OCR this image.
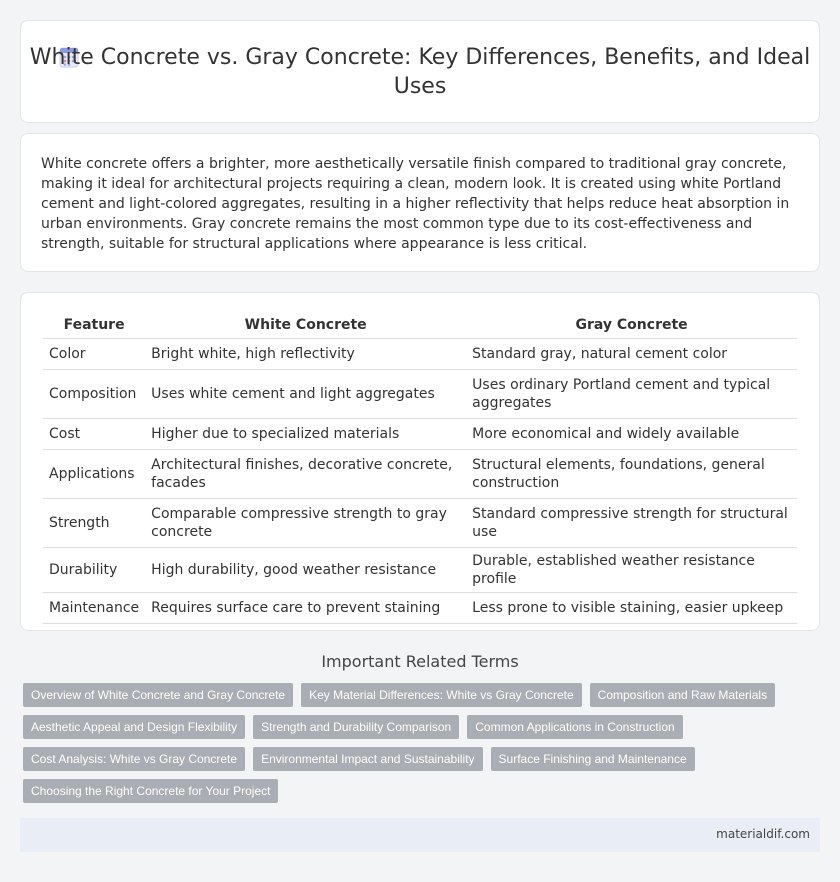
White Concrete vs. Gray Concrete: Key Differences, Benefits, and Ideal Uses

White concrete offers a brighter, more aesthetically versatile finish compared to traditional gray concrete, making it ideal for architectural projects requiring a clean, modern look. It is created using white Portland cement and light-colored aggregates, resulting in a higher reflectivity that helps reduce heat absorption in urban environments. Gray concrete remains the most common type due to its cost-effectiveness and strength, suitable for structural applications where appearance is less critical.

Feature	White Concrete	Gray Concrete
Color	Bright white, high reflectivity	Standard gray, natural cement color
Composition	Uses white cement and light aggregates	Uses ordinary Portland cement and typical aggregates
Cost	Higher due to specialized materials	More economical and widely available
Applications	Architectural finishes, decorative concrete, facades	Structural elements, foundations, general construction
Strength	Comparable compressive strength to gray concrete	Standard compressive strength for structural use
Durability	High durability, good weather resistance	Durable, established weather resistance profile
Maintenance	Requires surface care to prevent staining	Less prone to visible staining, easier upkeep
Important Related Terms
Overview of White Concrete and Gray Concrete	Key Material Differences: White vs Gray Concrete	Composition and Raw Materials
Aesthetic Appeal and Design Flexibility	Strength and Durability Comparison	Common Applications in Construction
Cost Analysis: White vs Gray Concrete	Environmental Impact and Sustainability	Surface Finishing and Maintenance
Choosing the Right Concrete for Your Project
materialdif.com
